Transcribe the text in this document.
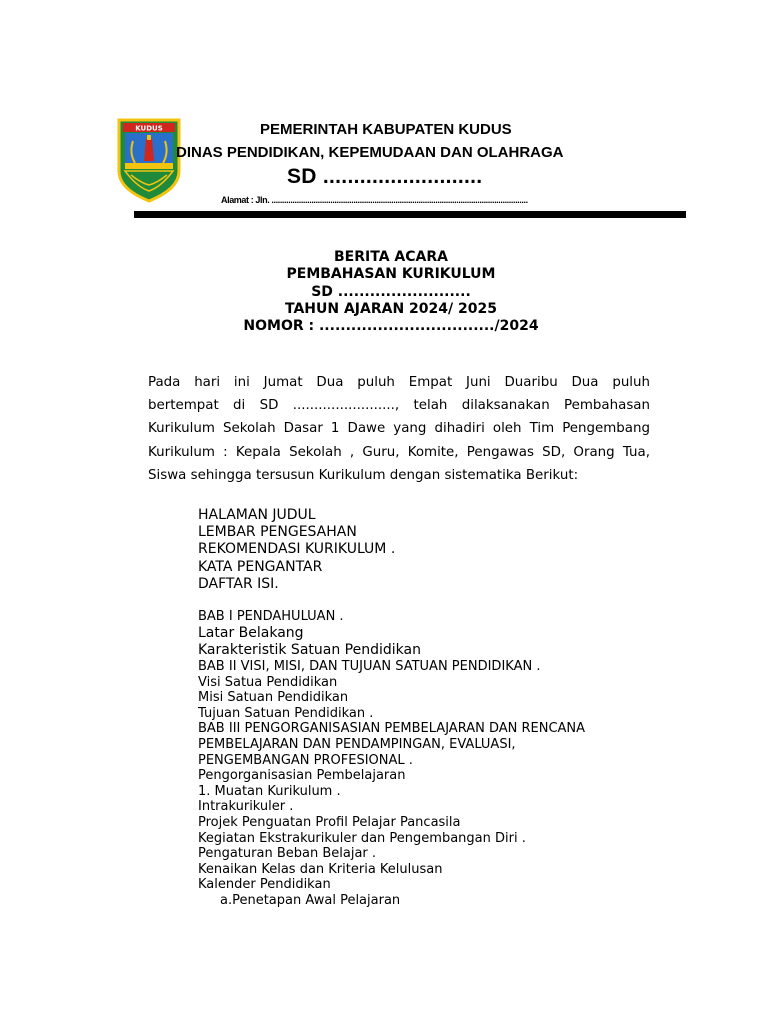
KUDUS	PEMERINTAH KABUPATEN KUDUS
DINAS PENDIDIKAN, KEPEMUDAAN DAN OLAHRAGA
SD ..........................
Alamat : Jln. ..........................................................................................................................
BERITA ACARA
PEMBAHASAN KURIKULUM
SD .........................
TAHUN AJARAN 2024/ 2025
NOMOR : ................................./2024
Pada hari ini Jumat Dua puluh Empat Juni Duaribu Dua puluh
bertempat di SD ........................, telah dilaksanakan Pembahasan
Kurikulum Sekolah Dasar 1 Dawe yang dihadiri oleh Tim Pengembang
Kurikulum : Kepala Sekolah , Guru, Komite, Pengawas SD, Orang Tua,
Siswa sehingga tersusun Kurikulum dengan sistematika Berikut:
HALAMAN JUDUL
LEMBAR PENGESAHAN
REKOMENDASI KURIKULUM .
KATA PENGANTAR
DAFTAR ISI.
BAB I PENDAHULUAN .
Latar Belakang
Karakteristik Satuan Pendidikan
BAB II VISI, MISI, DAN TUJUAN SATUAN PENDIDIKAN .
Visi Satua Pendidikan
Misi Satuan Pendidikan
Tujuan Satuan Pendidikan .
BAB III PENGORGANISASIAN PEMBELAJARAN DAN RENCANA
PEMBELAJARAN DAN PENDAMPINGAN, EVALUASI,
PENGEMBANGAN PROFESIONAL .
Pengorganisasian Pembelajaran
1. Muatan Kurikulum .
Intrakurikuler .
Projek Penguatan Profil Pelajar Pancasila
Kegiatan Ekstrakurikuler dan Pengembangan Diri .
Pengaturan Beban Belajar .
Kenaikan Kelas dan Kriteria Kelulusan
Kalender Pendidikan
a.Penetapan Awal Pelajaran
